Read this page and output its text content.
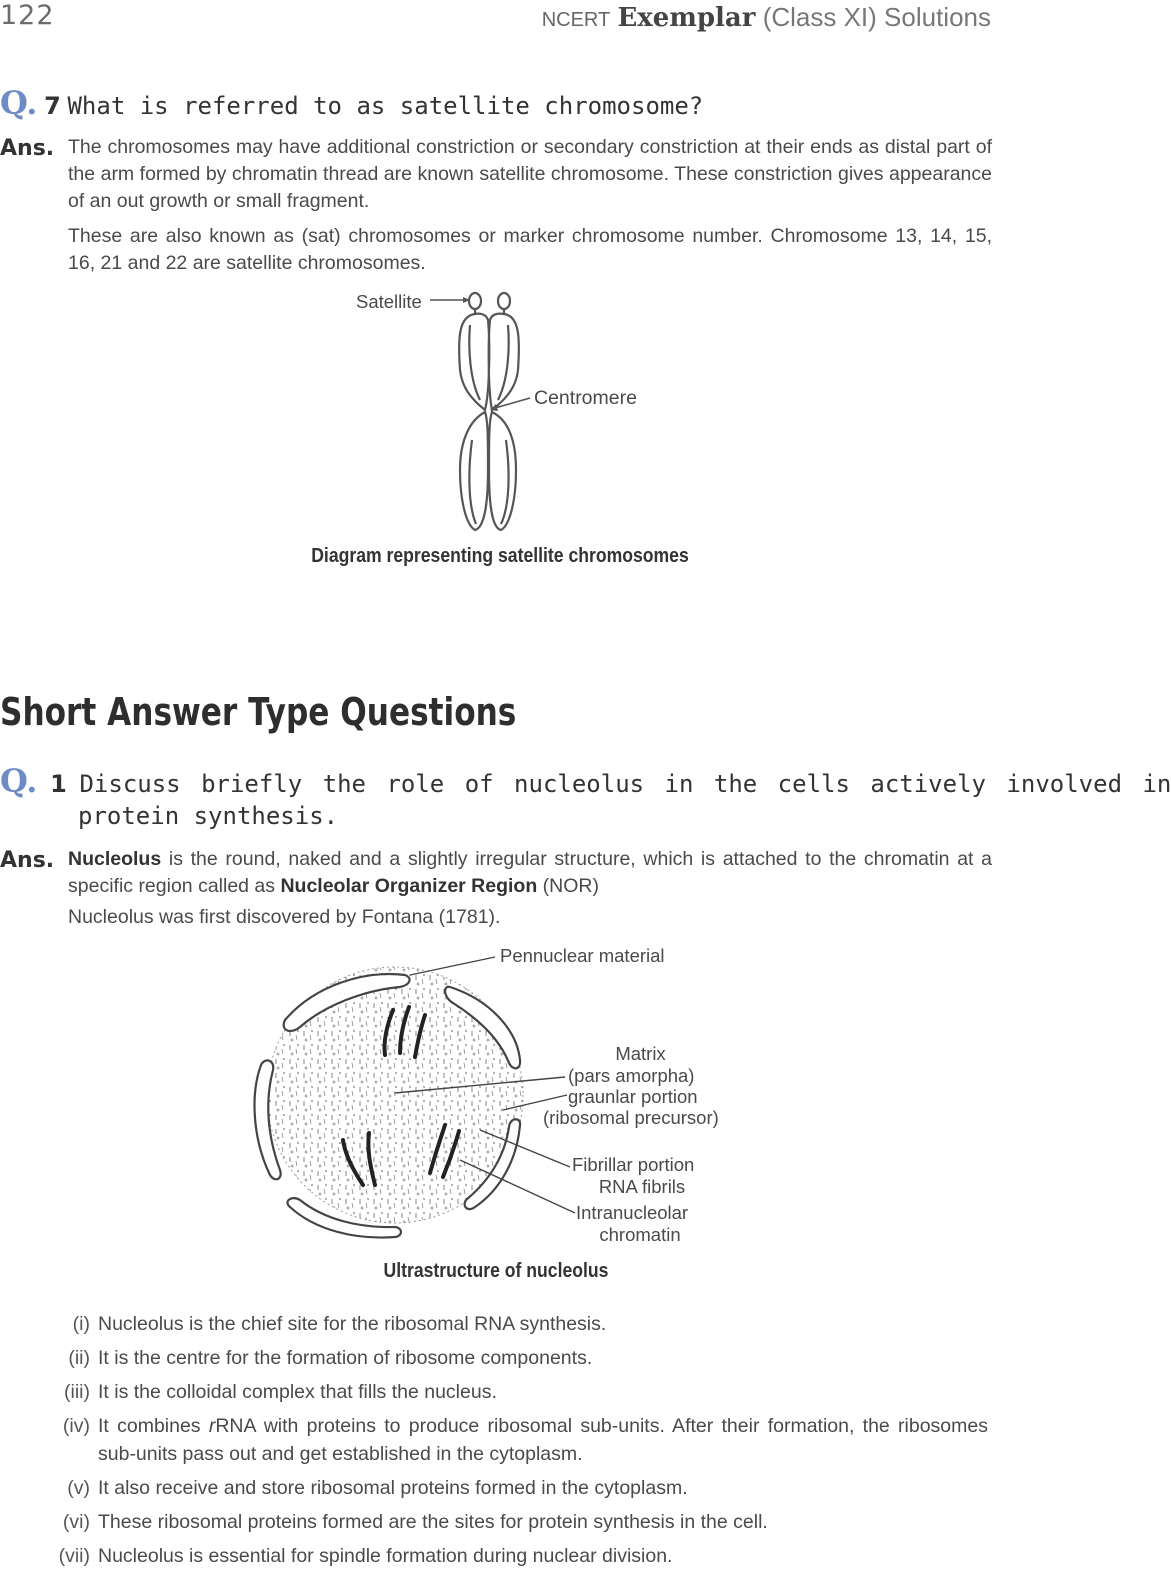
122	NCERT Exemplar (Class XI) Solutions
Q. 7 What is referred to as satellite chromosome?
Ans. The chromosomes may have additional constriction or secondary constriction at their ends as distal part of the arm formed by chromatin thread are known satellite chromosome. These constriction gives appearance of an out growth or small fragment.
These are also known as (sat) chromosomes or marker chromosome number. Chromosome 13, 14, 15, 16, 21 and 22 are satellite chromosomes.
Satellite
Centromere
Diagram representing satellite chromosomes
Short Answer Type Questions
Q. 1 Discuss briefly the role of nucleolus in the cells actively involved in
protein synthesis.
Ans. Nucleolus is the round, naked and a slightly irregular structure, which is attached to the chromatin at a specific region called as Nucleolar Organizer Region (NOR)
Nucleolus was first discovered by Fontana (1781).
Pennuclear material
Matrix
(pars amorpha)
graunlar portion
(ribosomal precursor)
Fibrillar portion
RNA fibrils
Intranucleolar
chromatin
Ultrastructure of nucleolus
(i) Nucleolus is the chief site for the ribosomal RNA synthesis.
(ii) It is the centre for the formation of ribosome components.
(iii) It is the colloidal complex that fills the nucleus.
(iv) It combines rRNA with proteins to produce ribosomal sub-units. After their formation, the ribosomes sub-units pass out and get established in the cytoplasm.
(v) It also receive and store ribosomal proteins formed in the cytoplasm.
(vi) These ribosomal proteins formed are the sites for protein synthesis in the cell.
(vii) Nucleolus is essential for spindle formation during nuclear division.
